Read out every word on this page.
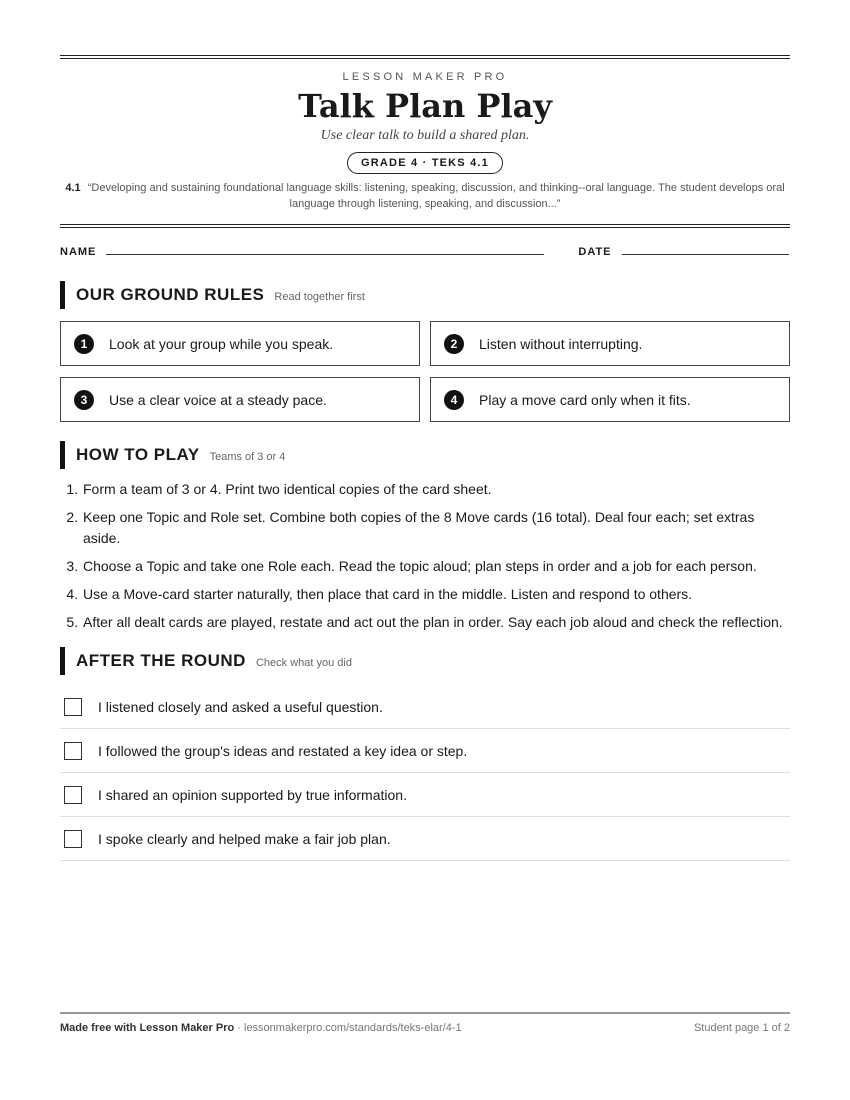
LESSON MAKER PRO
Talk Plan Play
Use clear talk to build a shared plan.
GRADE 4 · TEKS 4.1
4.1 “Developing and sustaining foundational language skills: listening, speaking, discussion, and thinking--oral language. The student develops oral language through listening, speaking, and discussion...”
NAME	DATE
OUR GROUND RULES Read together first
1	Look at your group while you speak.	2	Listen without interrupting.
3	Use a clear voice at a steady pace.	4	Play a move card only when it fits.
HOW TO PLAY Teams of 3 or 4
1. Form a team of 3 or 4. Print two identical copies of the card sheet.
2. Keep one Topic and Role set. Combine both copies of the 8 Move cards (16 total). Deal four each; set extras aside.
3. Choose a Topic and take one Role each. Read the topic aloud; plan steps in order and a job for each person.
4. Use a Move-card starter naturally, then place that card in the middle. Listen and respond to others.
5. After all dealt cards are played, restate and act out the plan in order. Say each job aloud and check the reflection.
AFTER THE ROUND Check what you did
I listened closely and asked a useful question.
I followed the group's ideas and restated a key idea or step.
I shared an opinion supported by true information.
I spoke clearly and helped make a fair job plan.
Made free with Lesson Maker Pro · lessonmakerpro.com/standards/teks-elar/4-1	Student page 1 of 2
